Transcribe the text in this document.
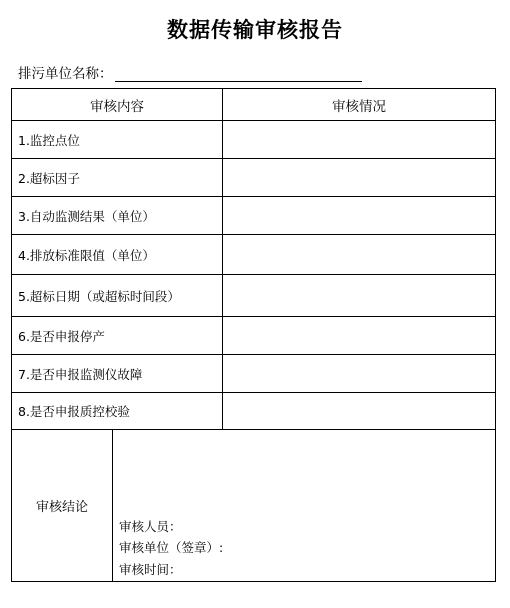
数据传输审核报告
排污单位名称：
审核内容		审核情况
1.监控点位		
2.超标因子		
3.自动监测结果（单位）		
4.排放标准限值（单位）		
5.超标日期（或超标时间段）		
6.是否申报停产		
7.是否申报监测仪故障		
8.是否申报质控校验		
审核结论	审核人员：
审核单位（签章）:
审核时间：	
